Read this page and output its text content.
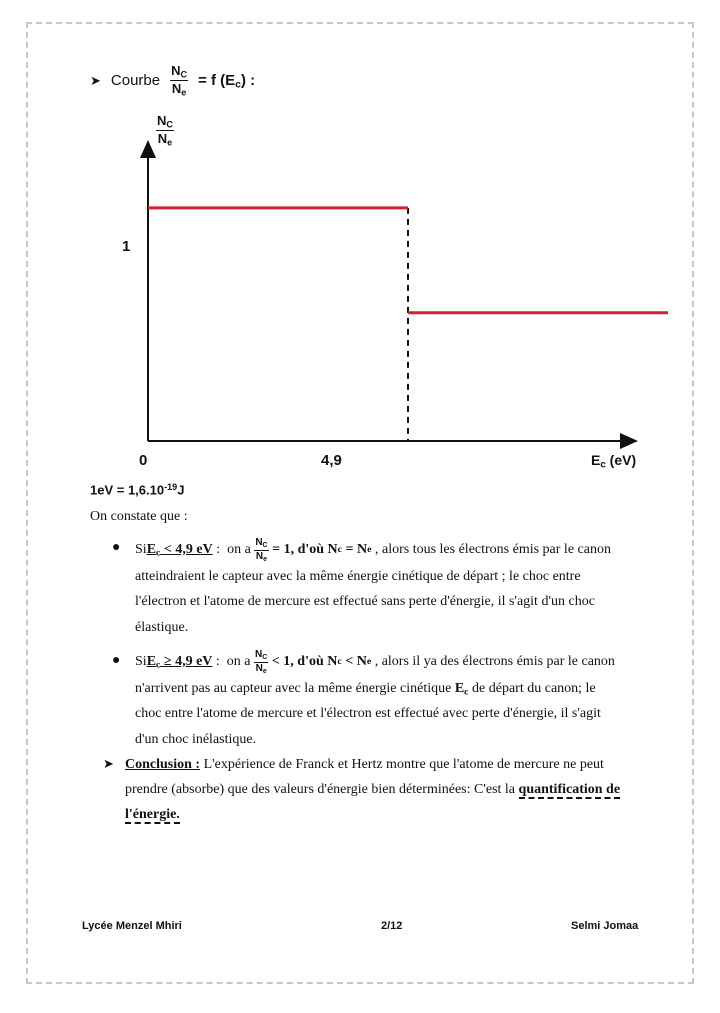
➤ Courbe $\frac{N_C}{N_e} = f$ $(E_c)$ :
$\frac{N_C}{N_e}$
1
0	4,9	$E_c$ (eV)
$1eV = 1,6.10^{-19}J$
On constate que :
● Si $E_c < 4,9$ eV :  on a $\frac{N_C}{N_e}$
= 1, d'où N c = N e , alors tous les électrons émis par le canon
atteindraient le capteur avec la même énergie cinétique de départ ; le choc entre
l'électron et l'atome de mercure est effectué sans perte d'énergie, il s'agit d'un choc
élastique.
● Si $E_c \ge 4,9$ eV :  on a $\frac{N_C}{N_e}$
< 1, d'où N c < N e , alors il ya des électrons émis par le canon
n'arrivent pas au capteur avec la même énergie cinétique $E_c$ de départ du canon; le
choc entre l'atome de mercure et l'électron est effectué avec perte d'énergie, il s'agit
d'un choc inélastique.
➤ Conclusion : L'expérience de Franck et Hertz montre que l'atome de mercure ne peut
prendre (absorbe) que des valeurs d'énergie bien déterminées: C'est la quantification de
l'énergie.
Lycée Menzel Mhiri	2/12	Selmi Jomaa
